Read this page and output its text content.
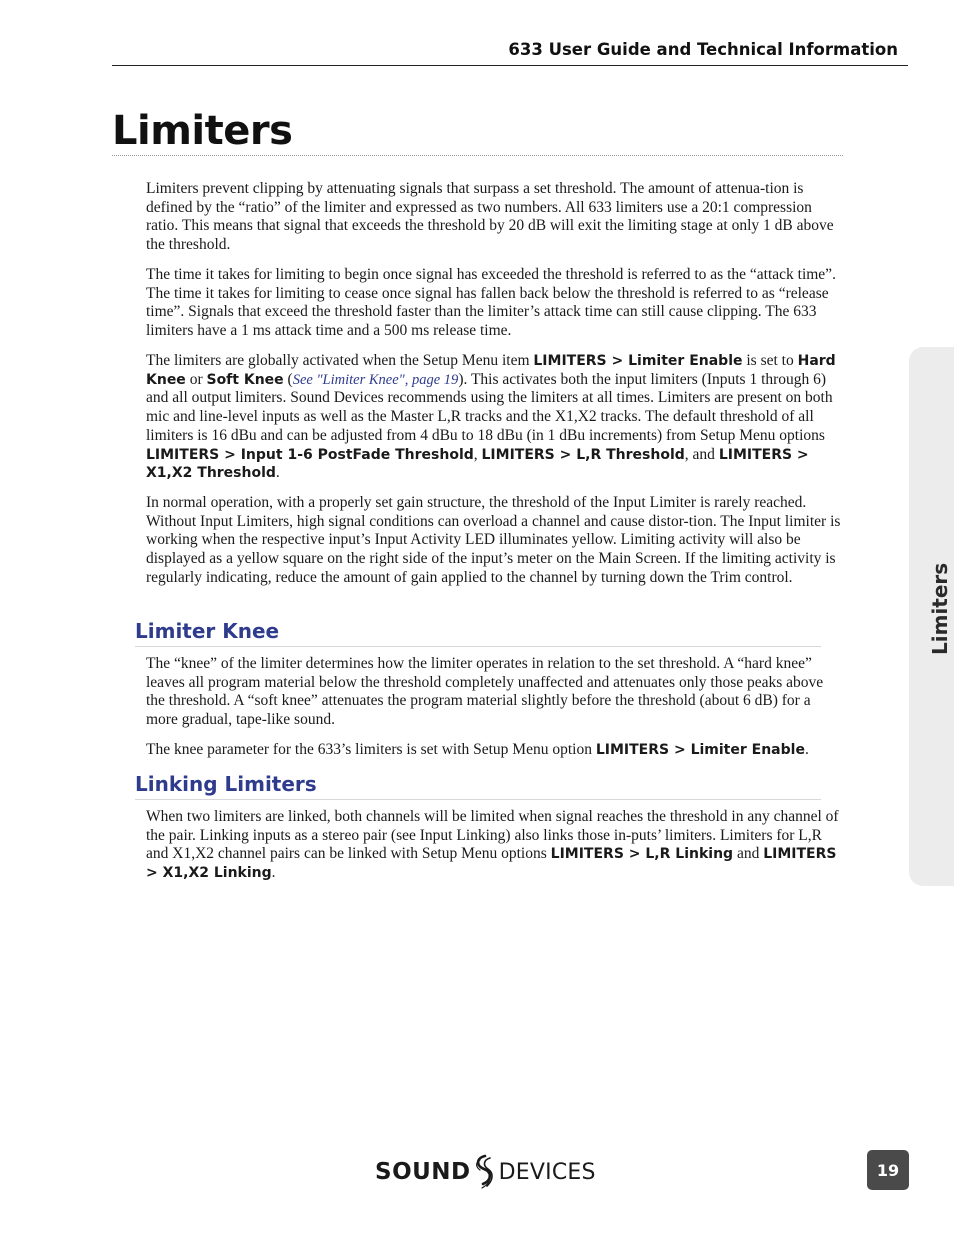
633 User Guide and Technical Information
Limiters

Limiters prevent clipping by attenuating signals that surpass a set threshold. The amount of attenua-tion is defined by the “ratio” of the limiter and expressed as two numbers. All 633 limiters use a 20:1 compression ratio. This means that signal that exceeds the threshold by 20 dB will exit the limiting stage at only 1 dB above the threshold.

The time it takes for limiting to begin once signal has exceeded the threshold is referred to as the “attack time”. The time it takes for limiting to cease once signal has fallen back below the threshold is referred to as “release time”. Signals that exceed the threshold faster than the limiter’s attack time can still cause clipping. The 633 limiters have a 1 ms attack time and a 500 ms release time.

The limiters are globally activated when the Setup Menu item LIMITERS > Limiter Enable is set to Hard Knee or Soft Knee (See "Limiter Knee", page 19). This activates both the input limiters (Inputs 1 through 6) and all output limiters. Sound Devices recommends using the limiters at all times. Limiters are present on both mic and line-level inputs as well as the Master L,R tracks and the X1,X2 tracks. The default threshold of all limiters is 16 dBu and can be adjusted from 4 dBu to 18 dBu (in 1 dBu increments) from Setup Menu options LIMITERS > Input 1-6 PostFade Threshold, LIMITERS > L,R Threshold, and LIMITERS > X1,X2 Threshold.

In normal operation, with a properly set gain structure, the threshold of the Input Limiter is rarely reached. Without Input Limiters, high signal conditions can overload a channel and cause distor-tion. The Input limiter is working when the respective input’s Input Activity LED illuminates yellow. Limiting activity will also be displayed as a yellow square on the right side of the input’s meter on the Main Screen. If the limiting activity is regularly indicating, reduce the amount of gain applied to the channel by turning down the Trim control.

Limiter Knee

The “knee” of the limiter determines how the limiter operates in relation to the set threshold. A “hard knee” leaves all program material below the threshold completely unaffected and attenuates only those peaks above the threshold. A “soft knee” attenuates the program material slightly before the threshold (about 6 dB) for a more gradual, tape-like sound.

The knee parameter for the 633’s limiters is set with Setup Menu option LIMITERS > Limiter Enable.

Linking Limiters

When two limiters are linked, both channels will be limited when signal reaches the threshold in any channel of the pair. Linking inputs as a stereo pair (see Input Linking) also links those in-puts’ limiters. Limiters for L,R and X1,X2 channel pairs can be linked with Setup Menu options LIMITERS > L,R Linking and LIMITERS > X1,X2 Linking.

Limiters
SOUND DEVICES	19
